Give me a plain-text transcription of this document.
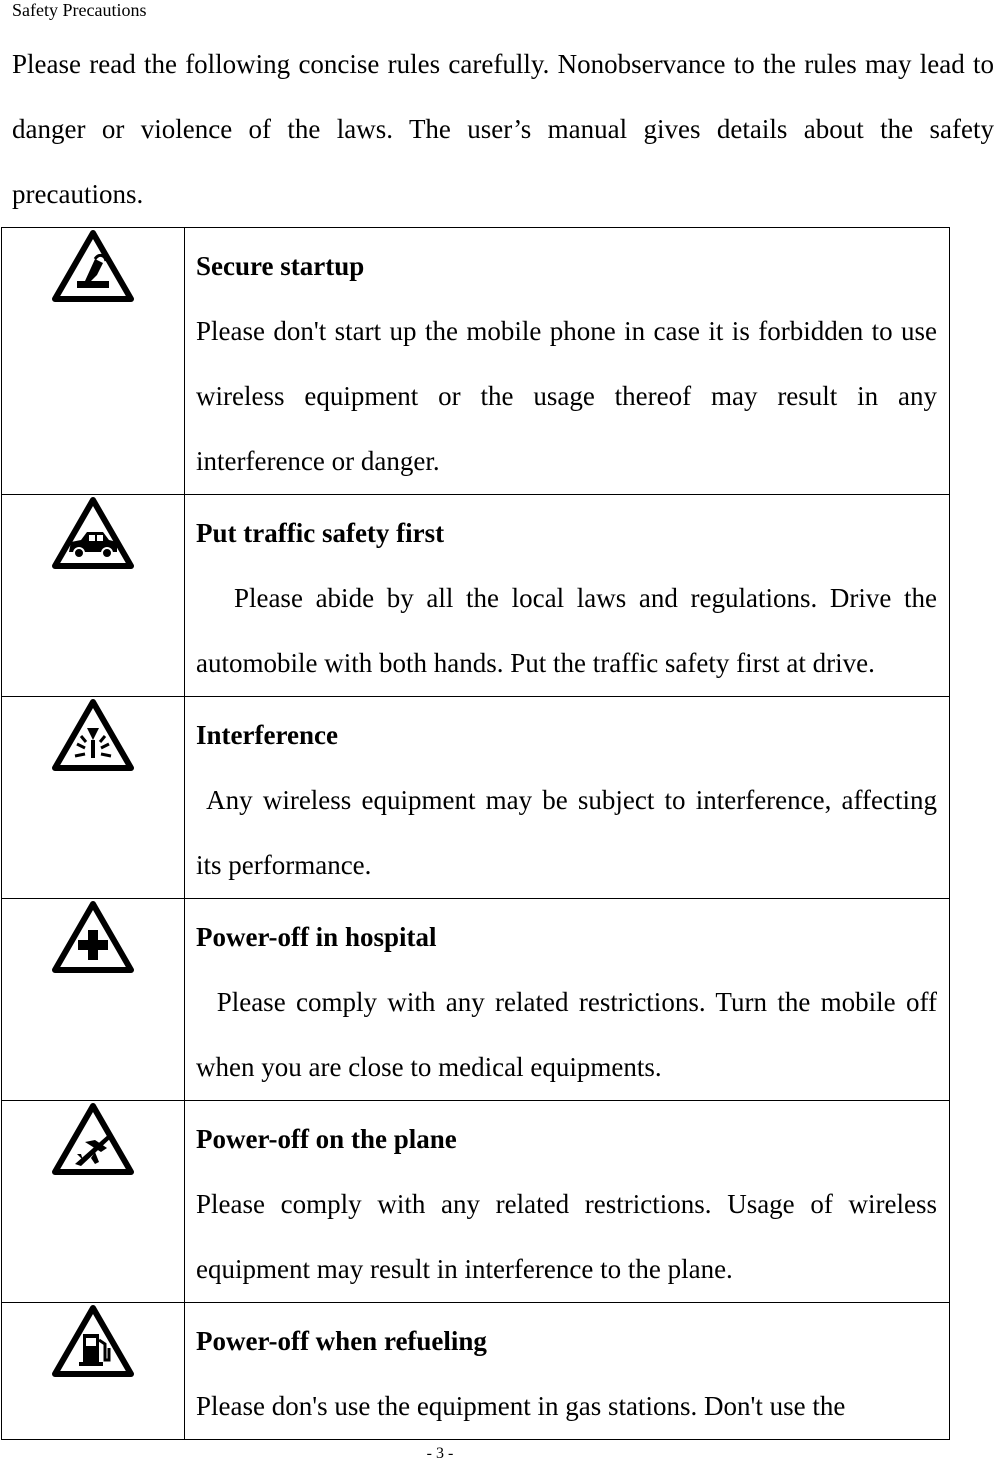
Safety Precautions

Please read the following concise rules carefully. Nonobservance to the rules may lead to danger or violence of the laws. The user’s manual gives details about the safety precautions.

Secure startup

Please don't start up the mobile phone in case it is forbidden to use wireless equipment or the usage thereof may result in any interference or danger.

Put traffic safety first

Please abide by all the local laws and regulations. Drive the automobile with both hands. Put the traffic safety first at drive.

Interference

Any wireless equipment may be subject to interference, affecting its performance.

Power-off in hospital

Please comply with any related restrictions. Turn the mobile off when you are close to medical equipments.

Power-off on the plane

Please comply with any related restrictions. Usage of wireless equipment may result in interference to the plane.

Power-off when refueling

Please don's use the equipment in gas stations. Don't use the

- 3 -
